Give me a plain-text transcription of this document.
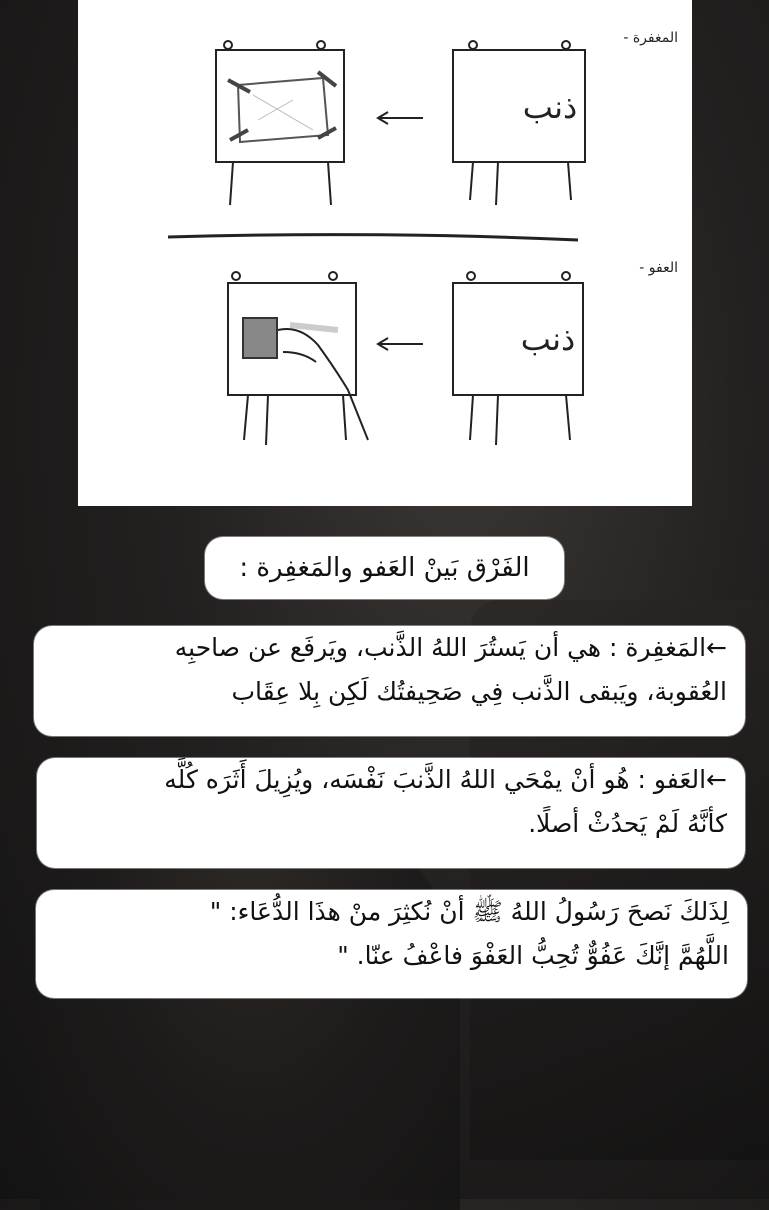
ذنب
ذنب
- المغفرة
- العفو

الفَرْق بَينْ العَفو والمَغفِرة :

←المَغفِرة : هي أن يَستُرَ اللهُ الذَّنب، ويَرفَع عن صاحبِه

العُقوبة، ويَبقى الذَّنب فِي صَحِيفتُك لَكِن بِلا عِقَاب

←العَفو : هُو أنْ يمْحَي اللهُ الذَّنبَ نَفْسَه، ويُزِيلَ أَثَرَه كُلَّه

كأنَّهُ لَمْ يَحدُثْ أصلًا.

لِذَلكَ نَصحَ رَسُولُ اللهُ ﷺ أنْ نُكثِرَ منْ هذَا الدُّعَاء: "

اللَّهُمَّ إنَّكَ عَفُوٌّ تُحِبُّ العَفْوَ فاعْفُ عنّا. "
